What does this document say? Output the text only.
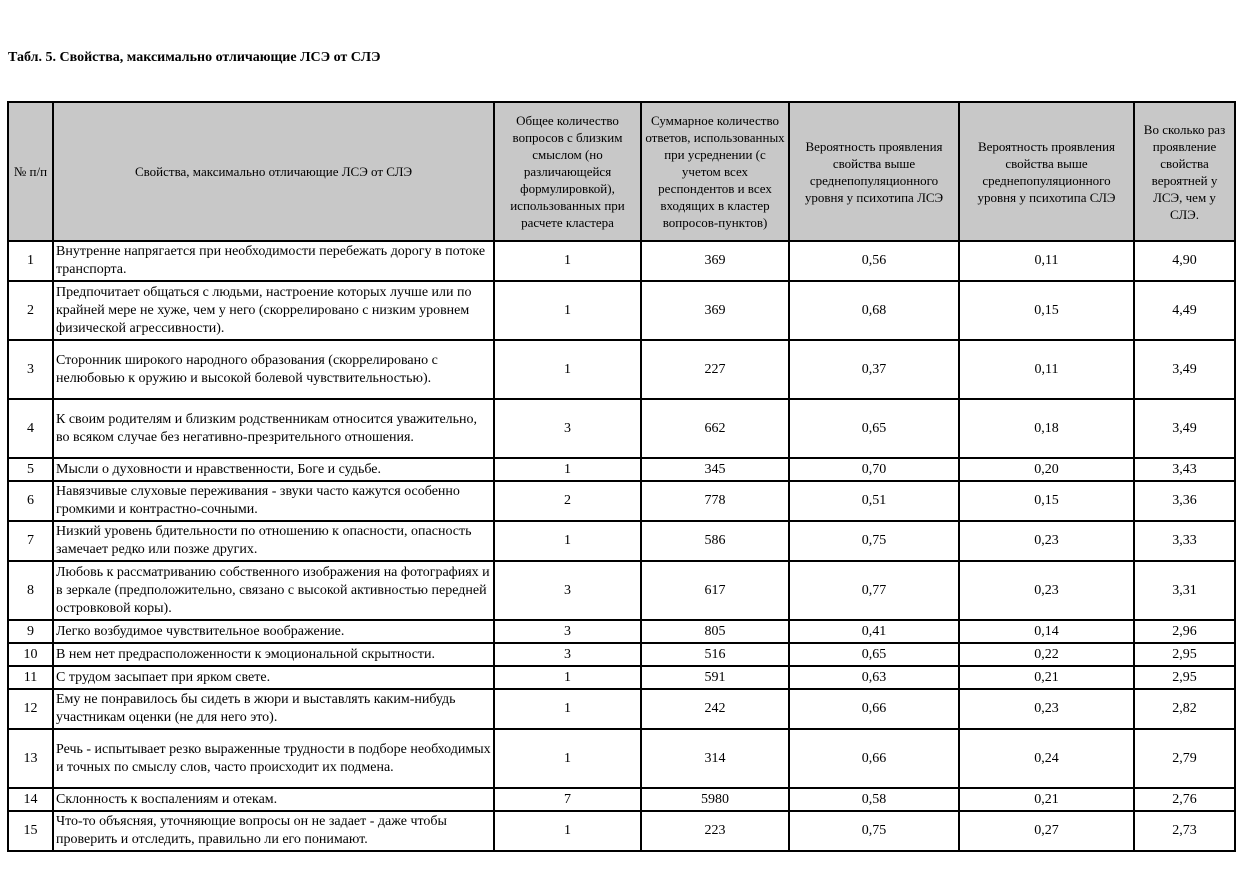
Табл. 5. Свойства, максимально отличающие ЛСЭ от СЛЭ
№ п/п	Свойства, максимально отличающие ЛСЭ от СЛЭ	Общее количество вопросов с близким смыслом (но различающейся формулировкой), использованных при расчете кластера	Суммарное количество ответов, использованных при усреднении (с учетом всех респондентов и всех входящих в кластер вопросов-пунктов)	Вероятность проявления свойства выше среднепопуляционного уровня у психотипа ЛСЭ	Вероятность проявления свойства выше среднепопуляционного уровня у психотипа СЛЭ	Во сколько раз проявление свойства вероятней у ЛСЭ, чем у СЛЭ.
1	Внутренне напрягается при необходимости перебежать дорогу в потоке транспорта.	1	369	0,56	0,11	4,90
2	Предпочитает общаться с людьми, настроение которых лучше или по крайней мере не хуже, чем у него (скоррелировано с низким уровнем физической агрессивности).	1	369	0,68	0,15	4,49
3	Сторонник широкого народного образования (скоррелировано с нелюбовью к оружию и высокой болевой чувствительностью).	1	227	0,37	0,11	3,49
4	К своим родителям и близким родственникам относится уважительно, во всяком случае без негативно-презрительного отношения.	3	662	0,65	0,18	3,49
5	Мысли о духовности и нравственности, Боге и судьбе.	1	345	0,70	0,20	3,43
6	Навязчивые слуховые переживания - звуки часто кажутся особенно громкими и контрастно-сочными.	2	778	0,51	0,15	3,36
7	Низкий уровень бдительности по отношению к опасности, опасность замечает редко или позже других.	1	586	0,75	0,23	3,33
8	Любовь к рассматриванию собственного изображения на фотографиях и в зеркале (предположительно, связано с высокой активностью передней островковой коры).	3	617	0,77	0,23	3,31
9	Легко возбудимое чувствительное воображение.	3	805	0,41	0,14	2,96
10	В нем нет предрасположенности к эмоциональной скрытности.	3	516	0,65	0,22	2,95
11	С трудом засыпает при ярком свете.	1	591	0,63	0,21	2,95
12	Ему не понравилось бы сидеть в жюри и выставлять каким-нибудь участникам оценки (не для него это).	1	242	0,66	0,23	2,82
13	Речь - испытывает резко выраженные трудности в подборе необходимых и точных по смыслу слов, часто происходит их подмена.	1	314	0,66	0,24	2,79
14	Склонность к воспалениям и отекам.	7	5980	0,58	0,21	2,76
15	Что-то объясняя, уточняющие вопросы он не задает - даже чтобы проверить и отследить, правильно ли его понимают.	1	223	0,75	0,27	2,73
